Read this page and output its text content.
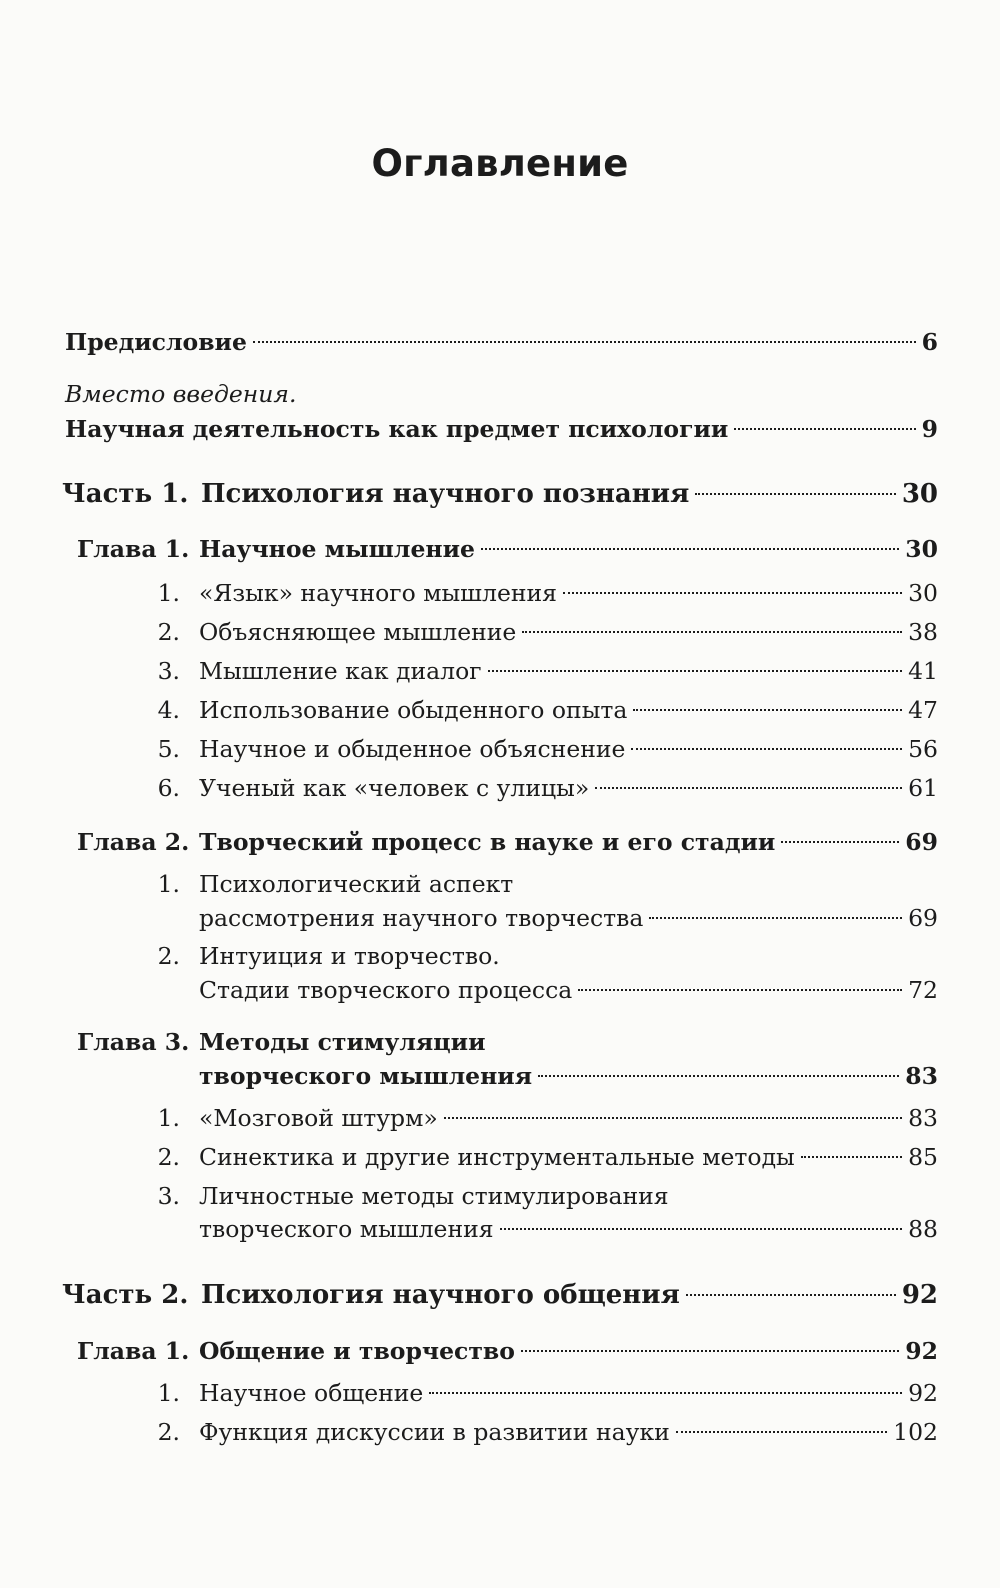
Оглавление
Предисловие	6
Вместо введения.
Научная деятельность как предмет психологии	9
Часть 1. Психология научного познания	30
Глава 1. Научное мышление	30
1. «Язык» научного мышления	30
2. Объясняющее мышление	38
3. Мышление как диалог	41
4. Использование обыденного опыта	47
5. Научное и обыденное объяснение	56
6. Ученый как «человек с улицы»	61
Глава 2. Творческий процесс в науке и его стадии	69
1. Психологический аспект
рассмотрения научного творчества	69
2. Интуиция и творчество.
Стадии творческого процесса	72
Глава 3. Методы стимуляции
творческого мышления	83
1. «Мозговой штурм»	83
2. Синектика и другие инструментальные методы	85
3. Личностные методы стимулирования
творческого мышления	88
Часть 2. Психология научного общения	92
Глава 1. Общение и творчество	92
1. Научное общение	92
2. Функция дискуссии в развитии науки	102
